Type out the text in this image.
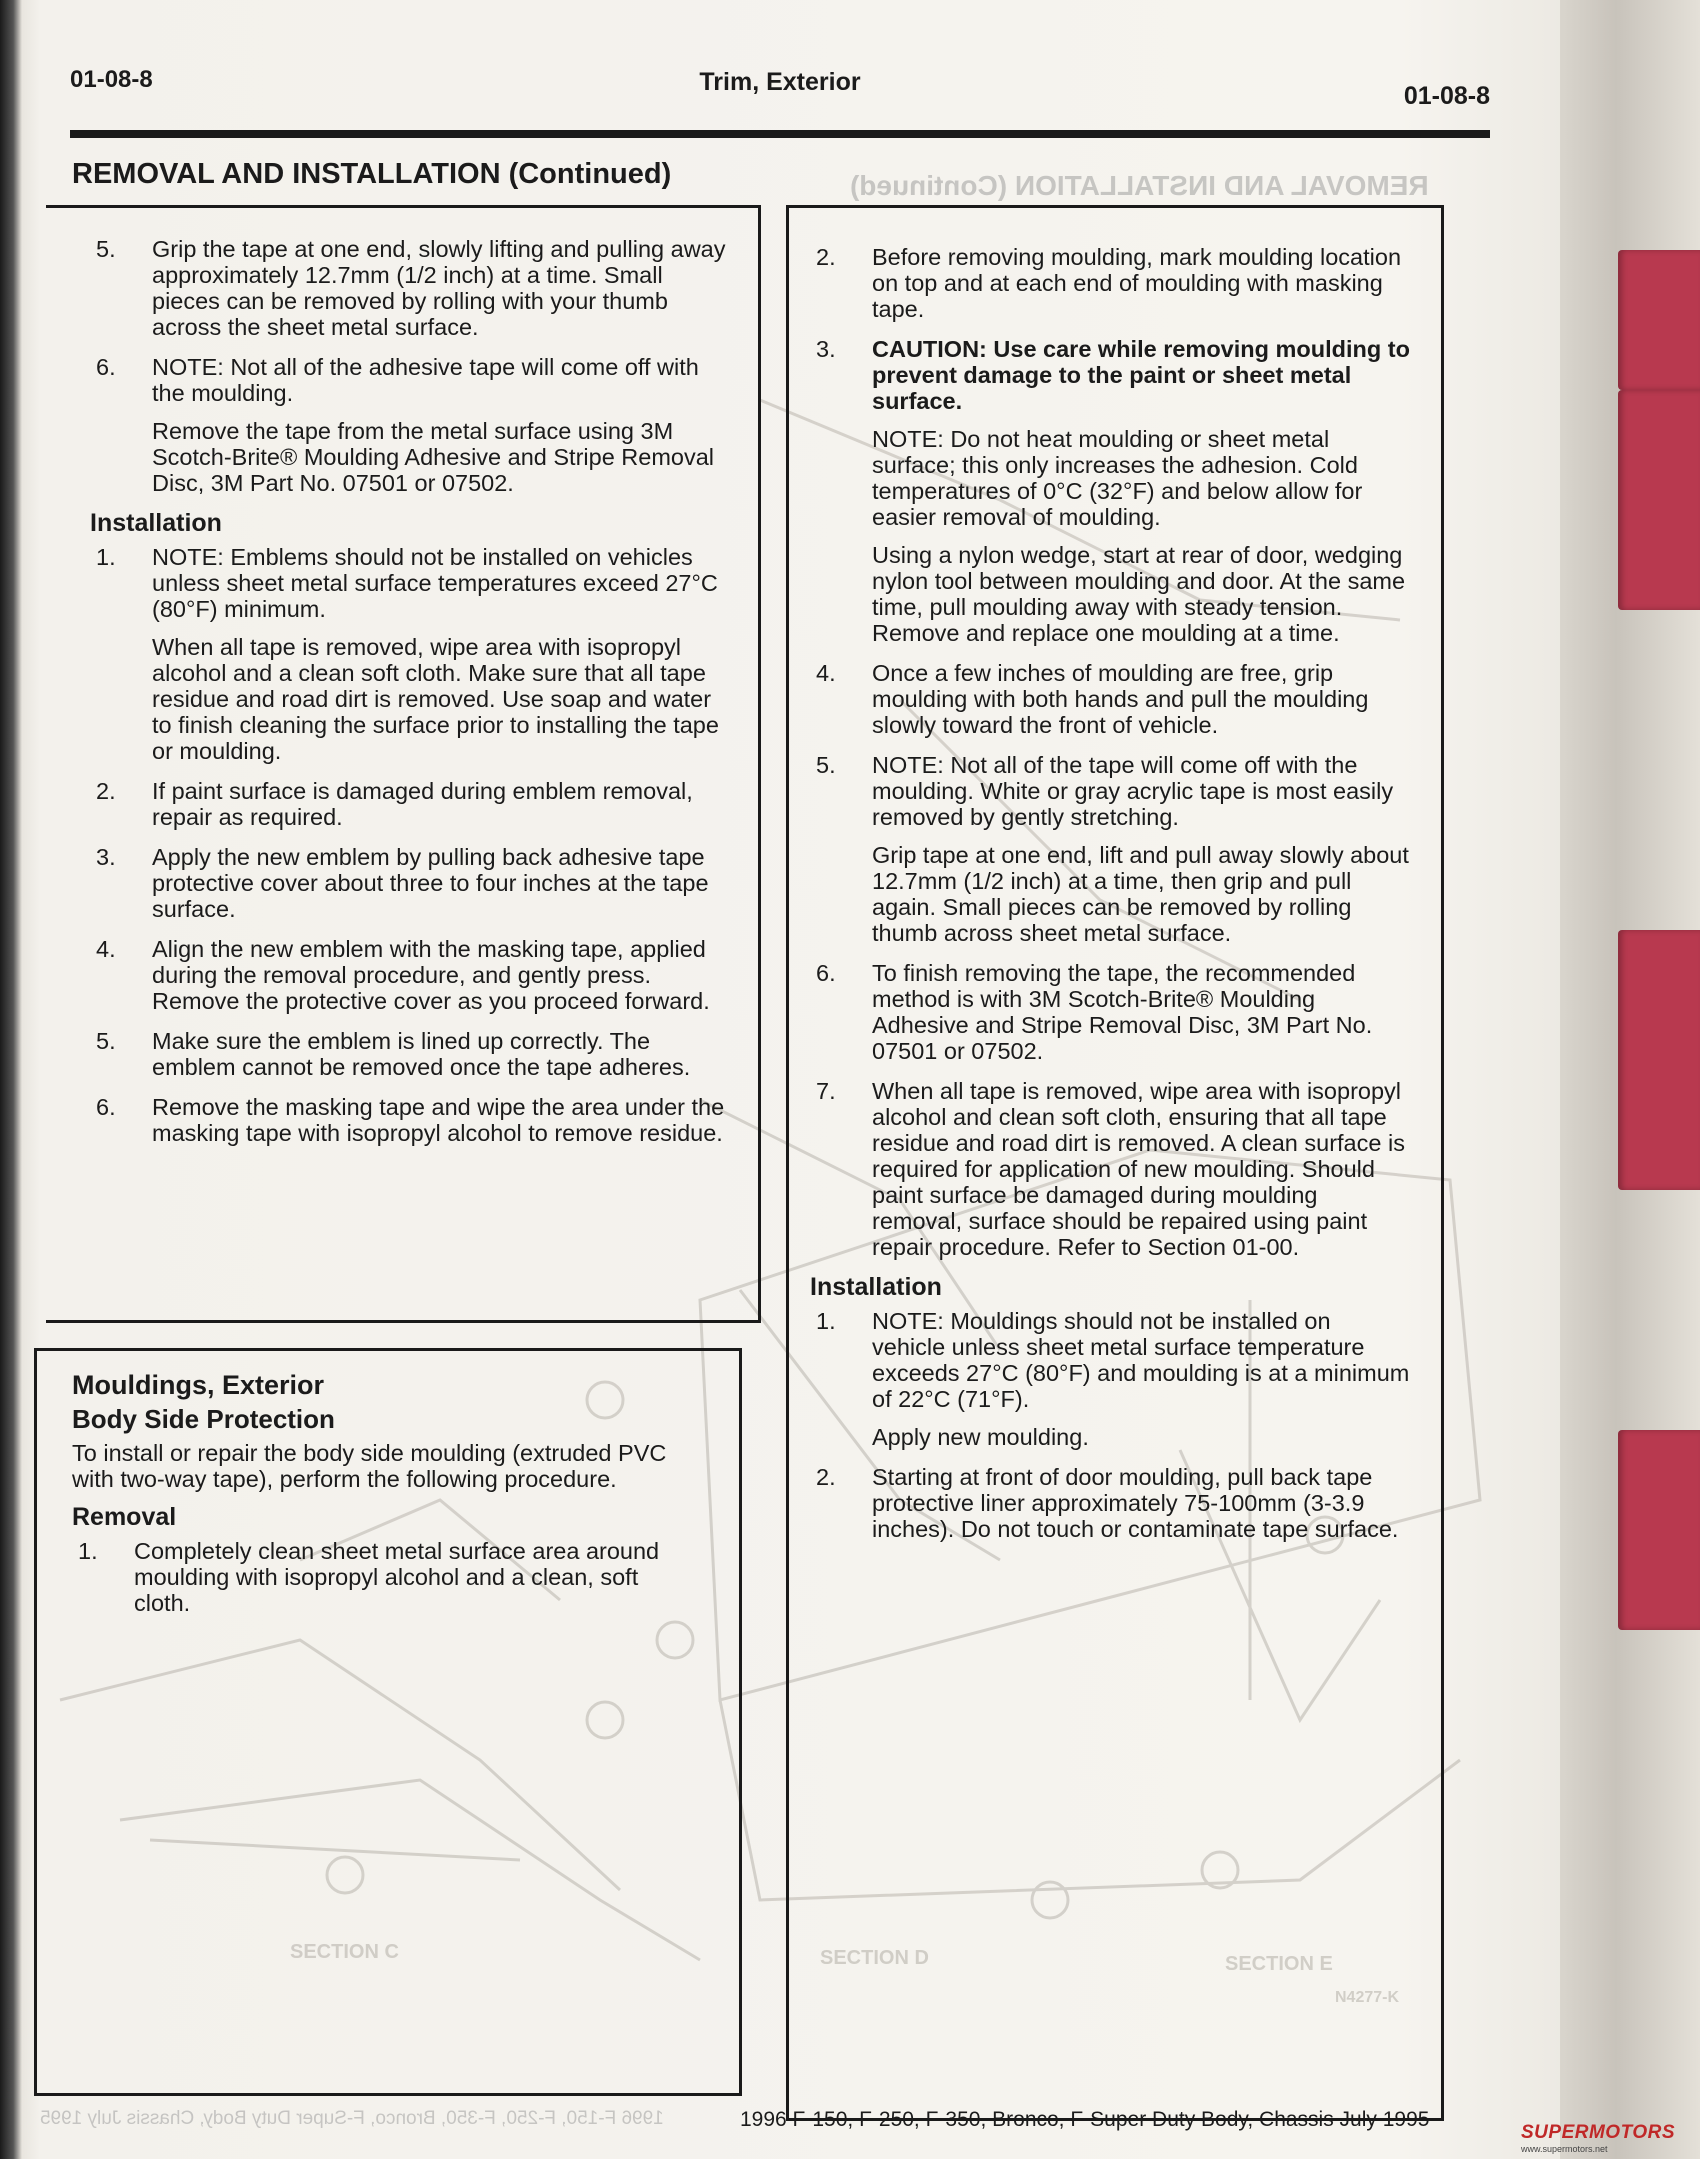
SECTION C	SECTION D	SECTION E
N4277-K
01-08-8	Trim, Exterior	01-08-8
REMOVAL AND INSTALLATION (Continued)	REMOVAL AND INSTALLATION (Continued)
5. Grip the tape at one end, slowly lifting and pulling away approximately 12.7mm (1/2 inch) at a time. Small pieces can be removed by rolling with your thumb across the sheet metal surface.

6. NOTE: Not all of the adhesive tape will come off with the moulding.

Remove the tape from the metal surface using 3M Scotch-Brite® Moulding Adhesive and Stripe Removal Disc, 3M Part No. 07501 or 07502.

Installation
1. NOTE: Emblems should not be installed on vehicles unless sheet metal surface temperatures exceed 27°C (80°F) minimum.

When all tape is removed, wipe area with isopropyl alcohol and a clean soft cloth. Make sure that all tape residue and road dirt is removed. Use soap and water to finish cleaning the surface prior to installing the tape or moulding.

2. If paint surface is damaged during emblem removal, repair as required.

3. Apply the new emblem by pulling back adhesive tape protective cover about three to four inches at the tape surface.

4. Align the new emblem with the masking tape, applied during the removal procedure, and gently press. Remove the protective cover as you proceed forward.

5. Make sure the emblem is lined up correctly. The emblem cannot be removed once the tape adheres.

6. Remove the masking tape and wipe the area under the masking tape with isopropyl alcohol to remove residue.

Mouldings, Exterior
Body Side Protection

To install or repair the body side moulding (extruded PVC with two-way tape), perform the following procedure.

Removal
1. Completely clean sheet metal surface area around moulding with isopropyl alcohol and a clean, soft cloth.

2. Before removing moulding, mark moulding location on top and at each end of moulding with masking tape.

3. CAUTION: Use care while removing moulding to prevent damage to the paint or sheet metal surface.

NOTE: Do not heat moulding or sheet metal surface; this only increases the adhesion. Cold temperatures of 0°C (32°F) and below allow for easier removal of moulding.

Using a nylon wedge, start at rear of door, wedging nylon tool between moulding and door. At the same time, pull moulding away with steady tension. Remove and replace one moulding at a time.

4. Once a few inches of moulding are free, grip moulding with both hands and pull the moulding slowly toward the front of vehicle.

5. NOTE: Not all of the tape will come off with the moulding. White or gray acrylic tape is most easily removed by gently stretching.

Grip tape at one end, lift and pull away slowly about 12.7mm (1/2 inch) at a time, then grip and pull again. Small pieces can be removed by rolling thumb across sheet metal surface.

6. To finish removing the tape, the recommended method is with 3M Scotch-Brite® Moulding Adhesive and Stripe Removal Disc, 3M Part No. 07501 or 07502.

7. When all tape is removed, wipe area with isopropyl alcohol and clean soft cloth, ensuring that all tape residue and road dirt is removed. A clean surface is required for application of new moulding. Should paint surface be damaged during moulding removal, surface should be repaired using paint repair procedure. Refer to Section 01-00.

Installation
1. NOTE: Mouldings should not be installed on vehicle unless sheet metal surface temperature exceeds 27°C (80°F) and moulding is at a minimum of 22°C (71°F).

Apply new moulding.

2. Starting at front of door moulding, pull back tape protective liner approximately 75-100mm (3-3.9 inches). Do not touch or contaminate tape surface.

1996 F-150, F-250, F-350, Bronco, F-Super Duty Body, Chassis July 1995	1996 F-150, F-250, F-350, Bronco, F-Super Duty Body, Chassis July 1995
SUPERMOTORS
www.supermotors.net
